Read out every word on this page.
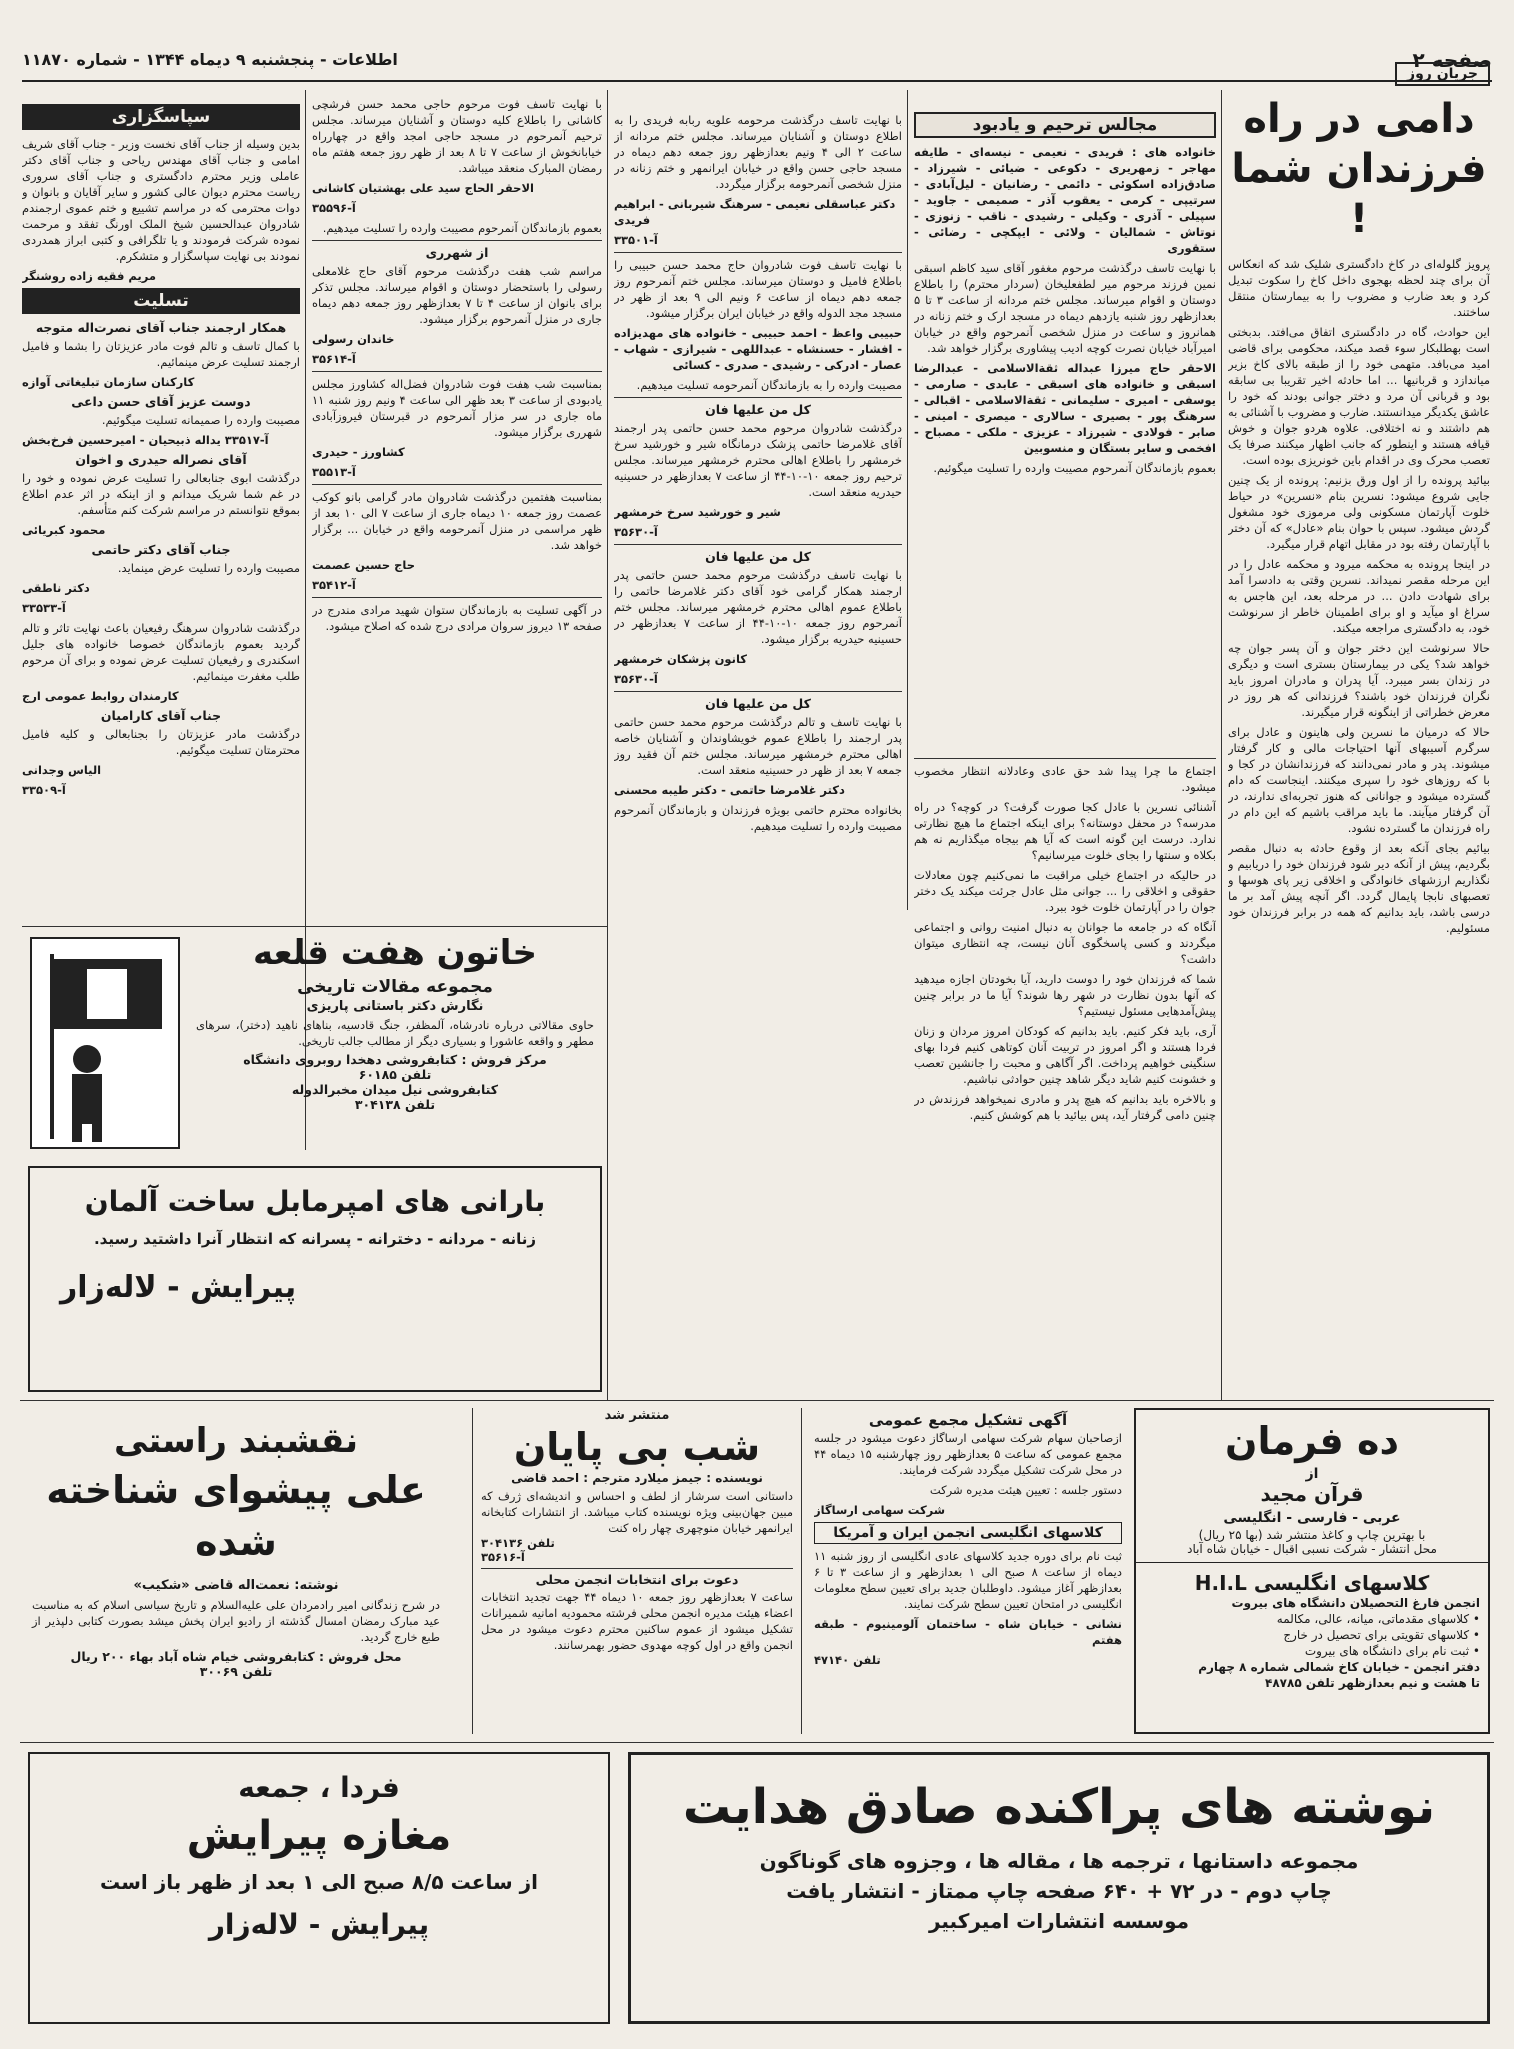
صفحه ۲
اطلاعات - پنجشنبه ۹ دیماه ۱۳۴۴ - شماره ۱۱۸۷۰
جریان روز
دامی در راه فرزندان شما !

پرویز گلوله‌ای در کاخ دادگستری شلیک شد که انعکاس آن برای چند لحظه بهجوی داخل کاخ را سکوت تبدیل کرد و بعد ضارب و مضروب را به بیمارستان منتقل ساختند.

این حوادث، گاه در دادگستری اتفاق می‌افتد. بدبختی است بهطلبکار سوء قصد میکند، محکومی برای قاضی امید می‌بافد. متهمی خود را از طبقه بالای کاخ بزیر میاندازد و قربانیها ... اما حادثه اخیر تقریبا بی سابقه بود و قربانی آن مرد و دختر جوانی بودند که خود را عاشق یکدیگر میدانستند. ضارب و مضروب با آشنائی به هم داشتند و نه اختلافی. علاوه هردو جوان و خوش قیافه هستند و اینطور که جانب اظهار میکنند صرفا یک تعصب محرک وی در اقدام باین خونریزی بوده است.

بیائید پرونده را از اول ورق بزنیم: پرونده از یک چنین جایی شروع میشود: نسرین بنام «نسرین» در حیاط خلوت آپارتمان مسکونی ولی مرموزی خود مشغول گردش میشود. سپس با حوان بنام «عادل» که آن دختر با آپارتمان رفته بود در مقابل اتهام قرار میگیرد.

در اینجا پرونده به محکمه میرود و محکمه عادل را در این مرحله مقصر نمیداند. نسرین وقتی به دادسرا آمد برای شهادت دادن ... در مرحله بعد، این هاجس به سراغ او میآید و او برای اطمینان خاطر از سرنوشت خود، به دادگستری مراجعه میکند.

حالا سرنوشت این دختر جوان و آن پسر جوان چه خواهد شد؟ یکی در بیمارستان بستری است و دیگری در زندان بسر میبرد. آیا پدران و مادران امروز باید نگران فرزندان خود باشند؟ فرزندانی که هر روز در معرض خطراتی از اینگونه قرار میگیرند.

حالا که درمیان ما نسرین ولی هاینون و عادل برای سرگرم آسیبهای آنها احتیاجات مالی و کار گرفتار میشوند. پدر و مادر نمی‌دانند که فرزندانشان در کجا و با که روزهای خود را سپری میکنند. اینجاست که دام گسترده میشود و جوانانی که هنوز تجربه‌ای ندارند، در آن گرفتار میآیند. ما باید مراقب باشیم که این دام در راه فرزندان ما گسترده نشود.

بیائیم بجای آنکه بعد از وقوع حادثه به دنبال مقصر بگردیم، پیش از آنکه دیر شود فرزندان خود را دریابیم و نگذاریم ارزشهای خانوادگی و اخلاقی زیر پای هوسها و تعصبهای نابجا پایمال گردد. اگر آنچه پیش آمد بر ما درسی باشد، باید بدانیم که همه در برابر فرزندان خود مسئولیم.

مجالس ترحیم و یادبود

خانواده های : فریدی - نعیمی - نیسه‌ای - طایفه مهاجر - زمهریری - دکوعی - ضیائی - شیرزاد - صادق‌زاده اسکوئی - دائمی - رضانیان - لیل‌آبادی - سرتیپی - کرمی - یعقوب آذر - صمیمی - جاوید - سپیلی - آذری - وکیلی - رشیدی - ناقب - زنوزی - نوتاش - شمالیان - ولائی - ایپکچی - رضائی - ستقوری

با نهایت تاسف درگذشت مرحوم مغفور آقای سید کاظم اسبقی نمین فرزند مرحوم میر لطفعلیخان (سردار محترم) را باطلاع دوستان و اقوام میرساند. مجلس ختم مردانه از ساعت ۳ تا ۵ بعدازظهر روز شنبه یازدهم دیماه در مسجد ارک و ختم زنانه در همانروز و ساعت در منزل شخصی آنمرحوم واقع در خیابان امیرآباد خیابان نصرت کوچه ادیب پیشاوری برگزار خواهد شد.

الاحقر حاج میرزا عبداله ثقةالاسلامی - عبدالرضا اسبقی و خانواده های اسبقی - عابدی - صارمی - یوسفی - امیری - سلیمانی - ثقةالاسلامی - اقبالی - سرهنگ پور - بصیری - سالاری - میصری - امینی - صابر - فولادی - شیرزاد - عزیزی - ملکی - مصباح - افخمی و سایر بستگان و منسوبین

بعموم بازماندگان آنمرحوم مصیبت وارده را تسلیت میگوئیم.

اجتماع ما چرا پیدا شد حق عادی وعادلانه انتظار مخصوب میشود.

آشنائی نسرین با عادل کجا صورت گرفت؟ در کوچه؟ در راه مدرسه؟ در محفل دوستانه؟ برای اینکه اجتماع ما هیچ نظارتی ندارد. درست این گونه است که آیا هم بیجاه میگذاریم نه هم بکلاه و سنتها را بجای خلوت میرسانیم؟

در حالیکه در اجتماع خیلی مراقبت ما نمی‌کنیم چون معادلات حقوقی و اخلاقی را ... جوانی مثل عادل جرئت میکند یک دختر جوان را در آپارتمان خلوت خود ببرد.

آنگاه که در جامعه ما جوانان به دنبال امنیت روانی و اجتماعی میگردند و کسی پاسخگوی آنان نیست، چه انتظاری میتوان داشت؟

شما که فرزندان خود را دوست دارید، آیا بخودتان اجازه میدهید که آنها بدون نظارت در شهر رها شوند؟ آیا ما در برابر چنین پیش‌آمدهایی مسئول نیستیم؟

آری، باید فکر کنیم. باید بدانیم که کودکان امروز مردان و زنان فردا هستند و اگر امروز در تربیت آنان کوتاهی کنیم فردا بهای سنگینی خواهیم پرداخت. اگر آگاهی و محبت را جانشین تعصب و خشونت کنیم شاید دیگر شاهد چنین حوادثی نباشیم.

و بالاخره باید بدانیم که هیچ پدر و مادری نمیخواهد فرزندش در چنین دامی گرفتار آید، پس بیائید با هم کوشش کنیم.

با نهایت تاسف درگذشت مرحومه علویه ربابه فریدی را به اطلاع دوستان و آشنایان میرساند. مجلس ختم مردانه از ساعت ۲ الی ۴ ونیم بعدازظهر روز جمعه دهم دیماه در مسجد حاجی حسن واقع در خیابان ایرانمهر و ختم زنانه در منزل شخصی آنمرحومه برگزار میگردد.

دکتر عباسقلی نعیمی - سرهنگ شیربانی - ابراهیم فریدی

آ-۳۳۵۰۱

با نهایت تاسف فوت شادروان حاج محمد حسن حبیبی را باطلاع فامیل و دوستان میرساند. مجلس ختم آنمرحوم روز جمعه دهم دیماه از ساعت ۶ ونیم الی ۹ بعد از ظهر در مسجد مجد الدوله واقع در خیابان ایران برگزار میشود.

حبیبی واعظ - احمد حبیبی - خانواده های مهدیزاده - افشار - حسنشاه - عبداللهی - شیرازی - شهاب - عصار - ادرکی - رشیدی - صدری - کسائی

مصیبت وارده را به بازماندگان آنمرحومه تسلیت میدهیم.

کل من علیها فان

درگذشت شادروان مرحوم محمد حسن حاتمی پدر ارجمند آقای غلامرضا حاتمی پزشک درمانگاه شیر و خورشید سرخ خرمشهر را باطلاع اهالی محترم خرمشهر میرساند. مجلس ترحیم روز جمعه ۱۰-۱۰-۴۴ از ساعت ۷ بعدازظهر در حسینیه حیدریه منعقد است.

شیر و خورشید سرخ خرمشهر

آ-۳۵۶۳۰

کل من علیها فان

با نهایت تاسف درگذشت مرحوم محمد حسن حاتمی پدر ارجمند همکار گرامی خود آقای دکتر غلامرضا حاتمی را باطلاع عموم اهالی محترم خرمشهر میرساند. مجلس ختم آنمرحوم روز جمعه ۱۰-۱۰-۴۴ از ساعت ۷ بعدازظهر در حسینیه حیدریه برگزار میشود.

کانون پزشکان خرمشهر

آ-۳۵۶۳۰

کل من علیها فان

با نهایت تاسف و تالم درگذشت مرحوم محمد حسن حاتمی پدر ارجمند را باطلاع عموم خویشاوندان و آشنایان خاصه اهالی محترم خرمشهر میرساند. مجلس ختم آن فقید روز جمعه ۷ بعد از ظهر در حسینیه منعقد است.

دکتر غلامرضا حاتمی - دکتر طیبه محسنی

بخانواده محترم حاتمی بویژه فرزندان و بازماندگان آنمرحوم مصیبت وارده را تسلیت میدهیم.

با نهایت تاسف فوت مرحوم حاجی محمد حسن فرشچی کاشانی را باطلاع کلیه دوستان و آشنایان میرساند. مجلس ترحیم آنمرحوم در مسجد حاجی امجد واقع در چهارراه خیابانخوش از ساعت ۷ تا ۸ بعد از ظهر روز جمعه هفتم ماه رمضان المبارک منعقد میباشد.

الاحقر الحاج سید علی بهشتیان کاشانی

آ-۳۵۵۹۶

بعموم بازماندگان آنمرحوم مصیبت وارده را تسلیت میدهیم.

از شهرری

مراسم شب هفت درگذشت مرحوم آقای حاج غلامعلی رسولی را باستحضار دوستان و اقوام میرساند. مجلس تذکر برای بانوان از ساعت ۴ تا ۷ بعدازظهر روز جمعه دهم دیماه جاری در منزل آنمرحوم برگزار میشود.

خاندان رسولی

آ-۳۵۶۱۴

بمناسبت شب هفت فوت شادروان فضل‌اله کشاورز مجلس یادبودی از ساعت ۳ بعد ظهر الی ساعت ۴ ونیم روز شنبه ۱۱ ماه جاری در سر مزار آنمرحوم در قبرستان فیروزآبادی شهرری برگزار میشود.

کشاورز - حیدری

آ-۳۵۵۱۳

بمناسبت هفتمین درگذشت شادروان مادر گرامی بانو کوکب عصمت روز جمعه ۱۰ دیماه جاری از ساعت ۷ الی ۱۰ بعد از ظهر مراسمی در منزل آنمرحومه واقع در خیابان ... برگزار خواهد شد.

حاج حسین عصمت

آ-۳۵۴۱۲

در آگهی تسلیت به بازماندگان ستوان شهید مرادی مندرج در صفحه ۱۳ دیروز سروان مرادی درج شده که اصلاح میشود.

سپاسگزاری

بدین وسیله از جناب آقای نخست وزیر - جناب آقای شریف امامی و جناب آقای مهندس ریاحی و جناب آقای دکتر عاملی وزیر محترم دادگستری و جناب آقای سروری ریاست محترم دیوان عالی کشور و سایر آقایان و بانوان و دوات محترمی که در مراسم تشییع و ختم عموی ارجمندم شادروان عبدالحسین شیخ الملک اورنگ تفقد و مرحمت نموده شرکت فرمودند و یا تلگرافی و کتبی ابراز همدردی نمودند بی نهایت سپاسگزار و متشکرم.

مریم فقیه زاده روشنگر

تسلیت
همکار ارجمند جناب آقای نصرت‌اله متوجه

با کمال تاسف و تالم فوت مادر عزیزتان را بشما و فامیل ارجمند تسلیت عرض مینمائیم.

کارکنان سازمان تبلیغاتی آوازه

دوست عزیز آقای حسن داعی

مصیبت وارده را صمیمانه تسلیت میگوئیم.

آ-۳۳۵۱۷ یداله ذبیحیان - امیرحسین فرخ‌بخش

آقای نصراله حیدری و اخوان

درگذشت ابوی جنابعالی را تسلیت عرض نموده و خود را در غم شما شریک میدانم و از اینکه در اثر عدم اطلاع بموقع نتوانستم در مراسم شرکت کنم متأسفم.

محمود کبریائی

جناب آقای دکتر حاتمی

مصیبت وارده را تسلیت عرض مینماید.

دکتر ناطقی

آ-۳۳۵۳۳

درگذشت شادروان سرهنگ رفیعیان باعث نهایت تاثر و تالم گردید بعموم بازماندگان خصوصا خانواده های جلیل اسکندری و رفیعیان تسلیت عرض نموده و برای آن مرحوم طلب مغفرت مینمائیم.

کارمندان روابط عمومی ارج

جناب آقای کارامیان

درگذشت مادر عزیزتان را بجنابعالی و کلیه فامیل محترمتان تسلیت میگوئیم.

الیاس وجدانی

آ-۳۳۵۰۹

خاتون هفت قلعه
مجموعه مقالات تاریخی
نگارش دکتر باستانی پاریزی
حاوی مقالاتی درباره نادرشاه، آلمظفر، جنگ قادسیه، بناهای ناهید (دختر)، سرهای مطهر و واقعه عاشورا و بسیاری دیگر از مطالب جالب تاریخی.
مرکز فروش : کتابفروشی دهخدا روبروی دانشگاه
تلفن ۶۰۱۸۵
کتابفروشی نیل میدان مخبرالدوله
تلفن ۳۰۴۱۳۸
بارانی های امپرمابل ساخت آلمان
زنانه - مردانه - دخترانه - پسرانه که انتظار آنرا داشتید رسید.
پیرایش - لاله‌زار
ده فرمان
از
قرآن مجید
عربی - فارسی - انگلیسی
با بهترین چاپ و کاغذ منتشر شد (بها ۲۵ ریال)
محل انتشار - شرکت نسبی اقبال - خیابان شاه آباد
کلاسهای انگلیسی H.I.L
انجمن فارغ التحصیلان دانشگاه های بیروت
• کلاسهای مقدماتی، میانه، عالی، مکالمه
• کلاسهای تقویتی برای تحصیل در خارج
• ثبت نام برای دانشگاه های بیروت
دفتر انجمن - خیابان کاخ شمالی شماره ۸ چهارم
تا هشت و نیم بعدازظهر تلفن ۴۸۷۸۵
آگهی تشکیل مجمع عمومی

ازصاحبان سهام شرکت سهامی ارساگاز دعوت میشود در جلسه مجمع عمومی که ساعت ۵ بعدازظهر روز چهارشنبه ۱۵ دیماه ۴۴ در محل شرکت تشکیل میگردد شرکت فرمایند.

دستور جلسه : تعیین هیئت مدیره شرکت

شرکت سهامی ارساگاز

کلاسهای انگلیسی انجمن ایران و آمریکا

ثبت نام برای دوره جدید کلاسهای عادی انگلیسی از روز شنبه ۱۱ دیماه از ساعت ۸ صبح الی ۱ بعدازظهر و از ساعت ۳ تا ۶ بعدازظهر آغاز میشود. داوطلبان جدید برای تعیین سطح معلومات انگلیسی در امتحان تعیین سطح شرکت نمایند.

نشانی - خیابان شاه - ساختمان آلومینیوم - طبقه هفتم

تلفن ۴۷۱۴۰

منتشر شد
شب بی پایان
نویسنده : جیمز میلارد مترجم : احمد قاضی
داستانی است سرشار از لطف و احساس و اندیشه‌ای ژرف که مبین جهان‌بینی ویژه نویسنده کتاب میباشد. از انتشارات کتابخانه ایرانمهر خیابان منوچهری چهار راه کنت
تلفن ۳۰۴۱۳۶
آ-۳۵۶۱۶
دعوت برای انتخابات انجمن محلی
ساعت ۷ بعدازظهر روز جمعه ۱۰ دیماه ۴۴ جهت تجدید انتخابات اعضاء هیئت مدیره انجمن محلی فرشته محمودیه امانیه شمیرانات تشکیل میشود از عموم ساکنین محترم دعوت میشود در محل انجمن واقع در اول کوچه مهدوی حضور بهمرسانند.
نقشبند راستی
علی پیشوای شناخته شده
نوشته: نعمت‌اله قاضی «شکیب»
در شرح زندگانی امیر رادمردان علی علیه‌السلام و تاریخ سیاسی اسلام که به مناسبت عید مبارک رمضان امسال گذشته از رادیو ایران پخش میشد بصورت کتابی دلپذیر از طبع خارج گردید.
محل فروش : کتابفروشی خیام شاه آباد بهاء ۲۰۰ ریال
تلفن ۳۰۰۶۹
فردا ، جمعه
مغازه پیرایش
از ساعت ۸/۵ صبح الی ۱ بعد از ظهر باز است
پیرایش - لاله‌زار
نوشته های پراکنده صادق هدایت
مجموعه داستانها ، ترجمه ها ، مقاله ها ، وجزوه های گوناگون
چاپ دوم - در ۷۲ + ۶۴۰ صفحه چاپ ممتاز - انتشار یافت
موسسه انتشارات امیرکبیر
